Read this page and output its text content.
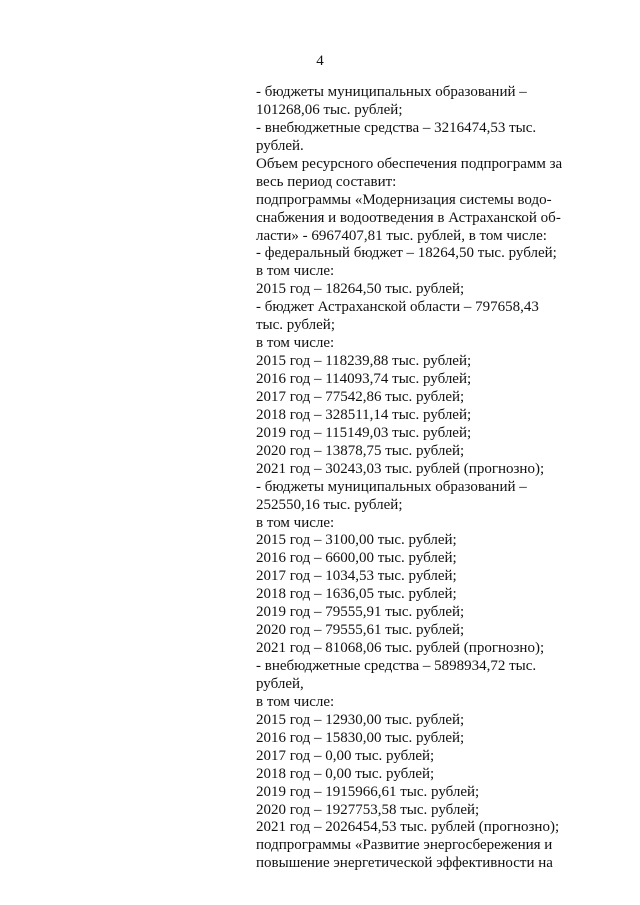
4
- бюджеты муниципальных образований –
101268,06 тыс. рублей;
- внебюджетные средства – 3216474,53 тыс.
рублей.
Объем ресурсного обеспечения подпрограмм за
весь период составит:
подпрограммы «Модернизация системы водо-
снабжения и водоотведения в Астраханской об-
ласти» - 6967407,81 тыс. рублей, в том числе:
- федеральный бюджет – 18264,50 тыс. рублей;
в том числе:
2015 год – 18264,50 тыс. рублей;
- бюджет Астраханской области – 797658,43
тыс. рублей;
в том числе:
2015 год – 118239,88 тыс. рублей;
2016 год – 114093,74 тыс. рублей;
2017 год – 77542,86 тыс. рублей;
2018 год – 328511,14 тыс. рублей;
2019 год – 115149,03 тыс. рублей;
2020 год – 13878,75 тыс. рублей;
2021 год – 30243,03 тыс. рублей (прогнозно);
- бюджеты муниципальных образований –
252550,16 тыс. рублей;
в том числе:
2015 год – 3100,00 тыс. рублей;
2016 год – 6600,00 тыс. рублей;
2017 год – 1034,53 тыс. рублей;
2018 год – 1636,05 тыс. рублей;
2019 год – 79555,91 тыс. рублей;
2020 год – 79555,61 тыс. рублей;
2021 год – 81068,06 тыс. рублей (прогнозно);
- внебюджетные средства – 5898934,72 тыс.
рублей,
в том числе:
2015 год – 12930,00 тыс. рублей;
2016 год – 15830,00 тыс. рублей;
2017 год – 0,00 тыс. рублей;
2018 год – 0,00 тыс. рублей;
2019 год – 1915966,61 тыс. рублей;
2020 год – 1927753,58 тыс. рублей;
2021 год – 2026454,53 тыс. рублей (прогнозно);
подпрограммы «Развитие энергосбережения и
повышение энергетической эффективности на
